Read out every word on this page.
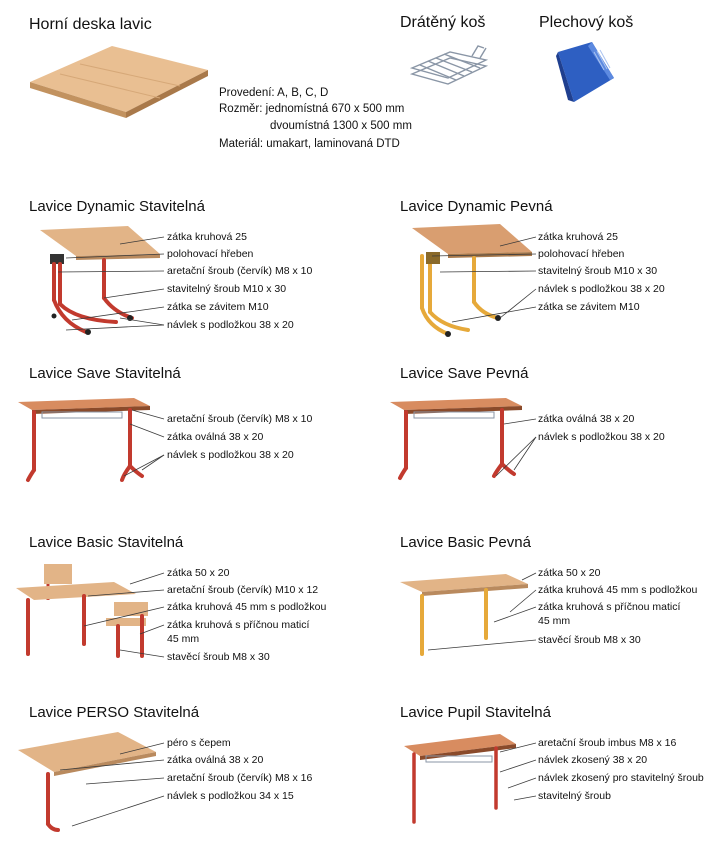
Horní deska lavic	Drátěný koš	Plechový koš
Provedení: A, B, C, D
Rozměr: jednomístná 670 x 500 mm
dvoumístná 1300 x 500 mm
Materiál: umakart, laminovaná DTD
Lavice Dynamic Stavitelná	Lavice Dynamic Pevná
Lavice Save Stavitelná	Lavice Save Pevná
Lavice Basic Stavitelná	Lavice Basic Pevná
Lavice PERSO Stavitelná	Lavice Pupil Stavitelná
zátka kruhová 25
polohovací hřeben
aretační šroub (červík) M8 x 10
stavitelný šroub M10 x 30
zátka se závitem M10
návlek s podložkou 38 x 20
zátka kruhová 25
polohovací hřeben
stavitelný šroub M10 x 30
návlek s podložkou 38 x 20
zátka se závitem M10
aretační šroub (červík) M8 x 10
zátka oválná 38 x 20
návlek s podložkou 38 x 20
zátka oválná 38 x 20
návlek s podložkou 38 x 20
zátka 50 x 20
aretační šroub (červík) M10 x 12
zátka kruhová 45 mm s podložkou
zátka kruhová s příčnou maticí
45 mm
stavěcí šroub M8 x 30
zátka 50 x 20
zátka kruhová 45 mm s podložkou
zátka kruhová s příčnou maticí
45 mm
stavěcí šroub M8 x 30
péro s čepem
zátka oválná 38 x 20
aretační šroub (červík) M8 x 16
návlek s podložkou 34 x 15
aretační šroub imbus M8 x 16
návlek zkosený 38 x 20
návlek zkosený pro stavitelný šroub
stavitelný šroub
